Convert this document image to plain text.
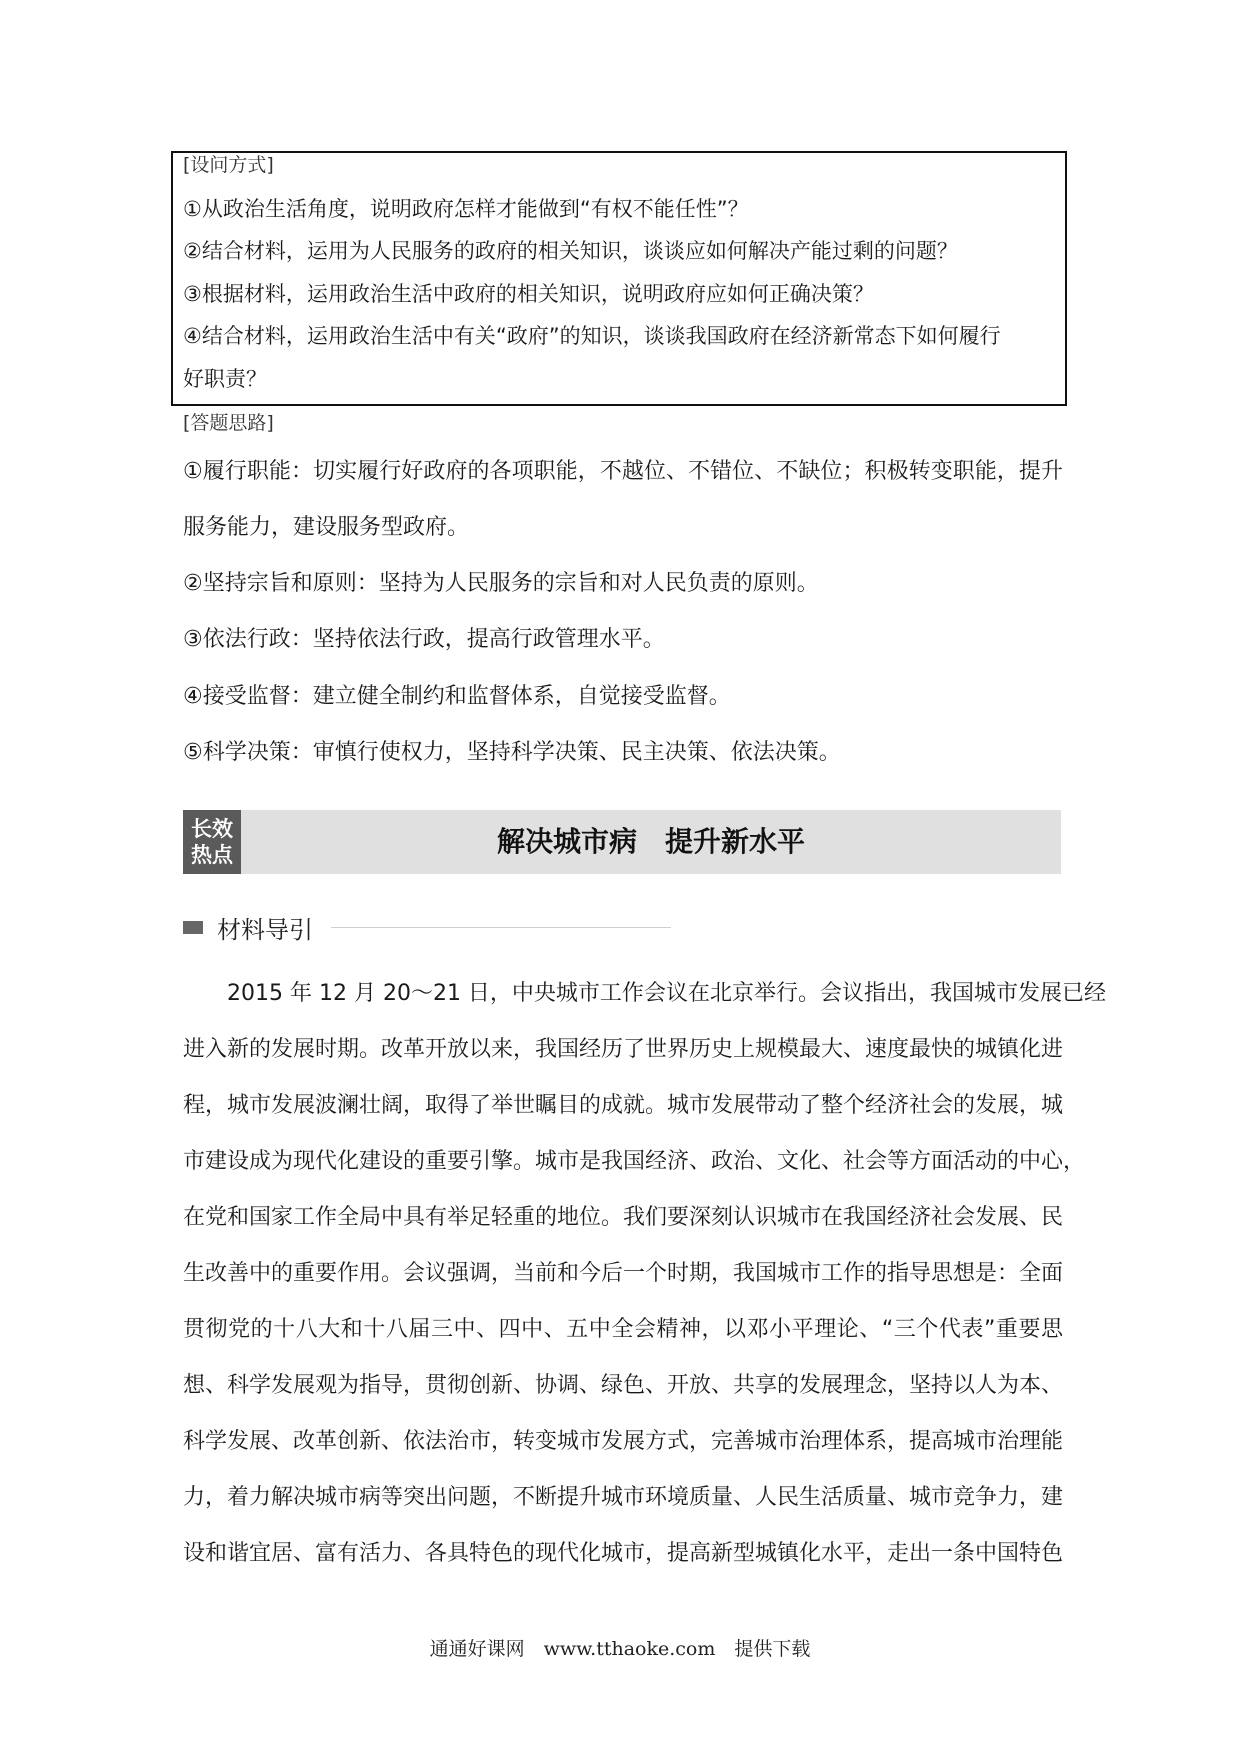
[设问方式]
①从政治生活角度，说明政府怎样才能做到“有权不能任性”？
②结合材料，运用为人民服务的政府的相关知识，谈谈应如何解决产能过剩的问题？
③根据材料，运用政治生活中政府的相关知识，说明政府应如何正确决策？
④结合材料，运用政治生活中有关“政府”的知识，谈谈我国政府在经济新常态下如何履行
好职责？
[答题思路]
①履行职能：切实履行好政府的各项职能，不越位、不错位、不缺位；积极转变职能，提升
服务能力，建设服务型政府。
②坚持宗旨和原则：坚持为人民服务的宗旨和对人民负责的原则。
③依法行政：坚持依法行政，提高行政管理水平。
④接受监督：建立健全制约和监督体系，自觉接受监督。
⑤科学决策：审慎行使权力，坚持科学决策、民主决策、依法决策。
长效
热点	解决城市病　提升新水平
材料导引
　　2015 年 12 月 20～21 日，中央城市工作会议在北京举行。会议指出，我国城市发展已经
进入新的发展时期。改革开放以来，我国经历了世界历史上规模最大、速度最快的城镇化进
程，城市发展波澜壮阔，取得了举世瞩目的成就。城市发展带动了整个经济社会的发展，城
市建设成为现代化建设的重要引擎。城市是我国经济、政治、文化、社会等方面活动的中心，
在党和国家工作全局中具有举足轻重的地位。我们要深刻认识城市在我国经济社会发展、民
生改善中的重要作用。会议强调，当前和今后一个时期，我国城市工作的指导思想是：全面
贯彻党的十八大和十八届三中、四中、五中全会精神，以邓小平理论、“三个代表”重要思
想、科学发展观为指导，贯彻创新、协调、绿色、开放、共享的发展理念，坚持以人为本、
科学发展、改革创新、依法治市，转变城市发展方式，完善城市治理体系，提高城市治理能
力，着力解决城市病等突出问题，不断提升城市环境质量、人民生活质量、城市竞争力，建
设和谐宜居、富有活力、各具特色的现代化城市，提高新型城镇化水平，走出一条中国特色
通通好课网　www.tthaoke.com　提供下载
